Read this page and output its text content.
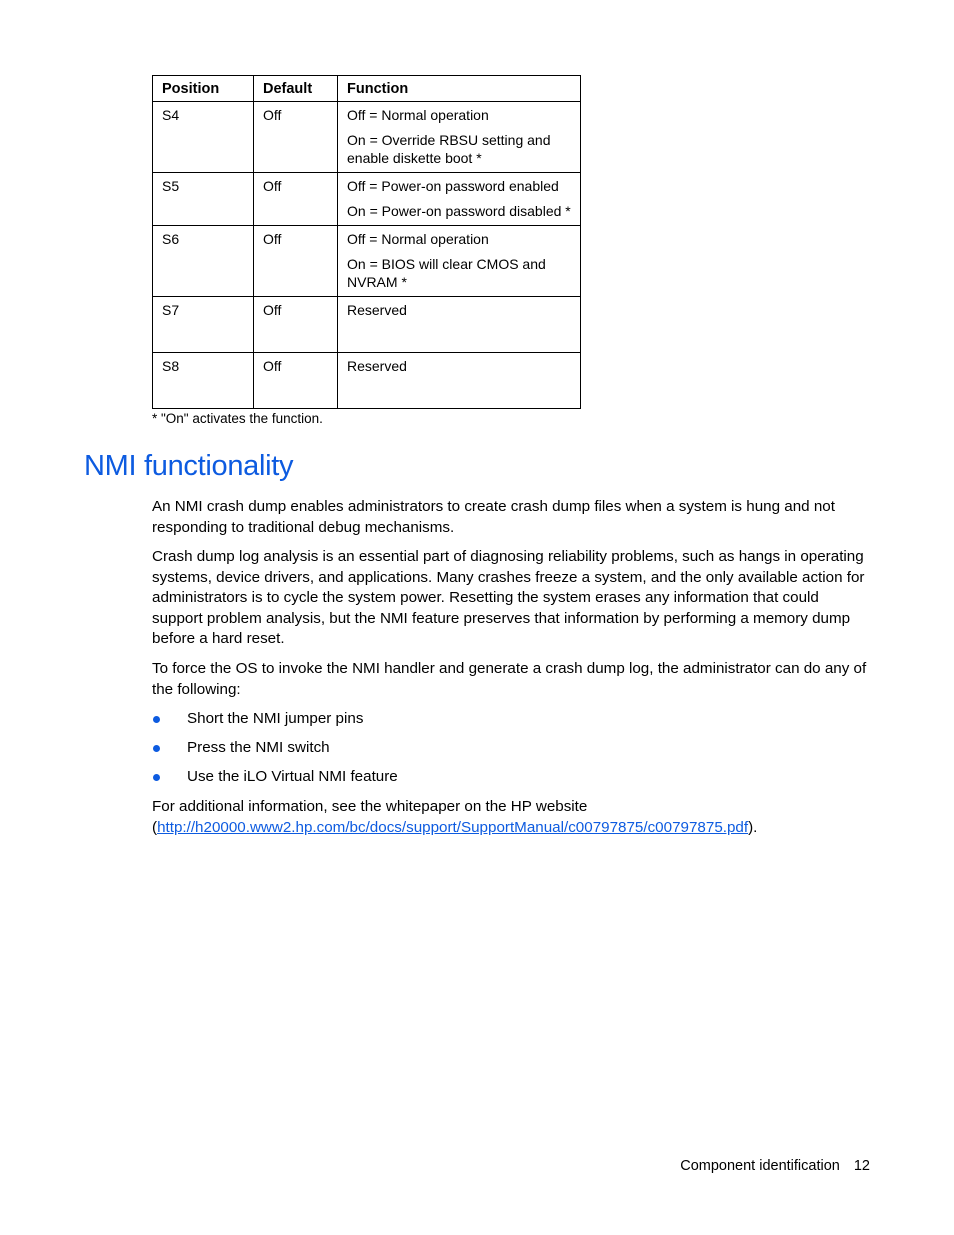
Position	Default	Function
S4	Off	Off = Normal operation

On = Override RBSU setting and enable diskette boot *

S5	Off	Off = Power-on password enabled

On = Power-on password disabled *

S6	Off	Off = Normal operation

On = BIOS will clear CMOS and NVRAM *

S7	Off	Reserved

S8	Off	Reserved

* "On" activates the function.

NMI functionality

An NMI crash dump enables administrators to create crash dump files when a system is hung and not responding to traditional debug mechanisms.

Crash dump log analysis is an essential part of diagnosing reliability problems, such as hangs in operating systems, device drivers, and applications. Many crashes freeze a system, and the only available action for administrators is to cycle the system power. Resetting the system erases any information that could support problem analysis, but the NMI feature preserves that information by performing a memory dump before a hard reset.

To force the OS to invoke the NMI handler and generate a crash dump log, the administrator can do any of the following:

Short the NMI jumper pins
Press the NMI switch
Use the iLO Virtual NMI feature

For additional information, see the whitepaper on the HP website
(http://h20000.www2.hp.com/bc/docs/support/SupportManual/c00797875/c00797875.pdf).

Component identification 12
